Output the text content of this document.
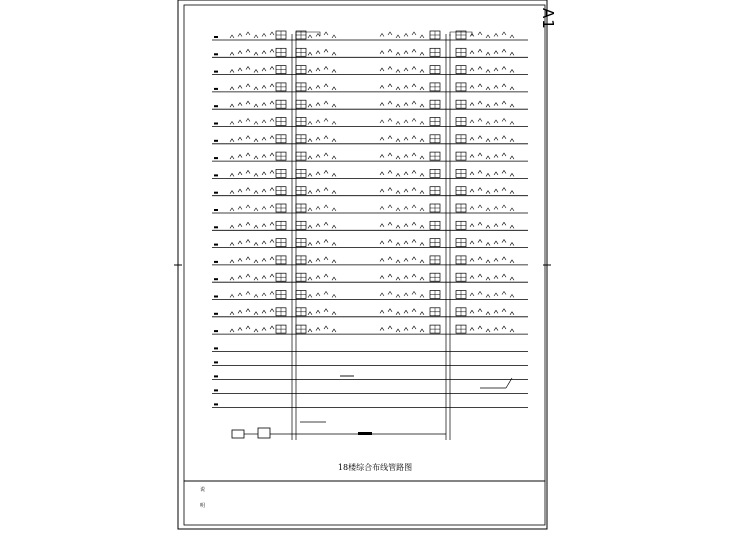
A1
18楼综合布线管路图
说
明
